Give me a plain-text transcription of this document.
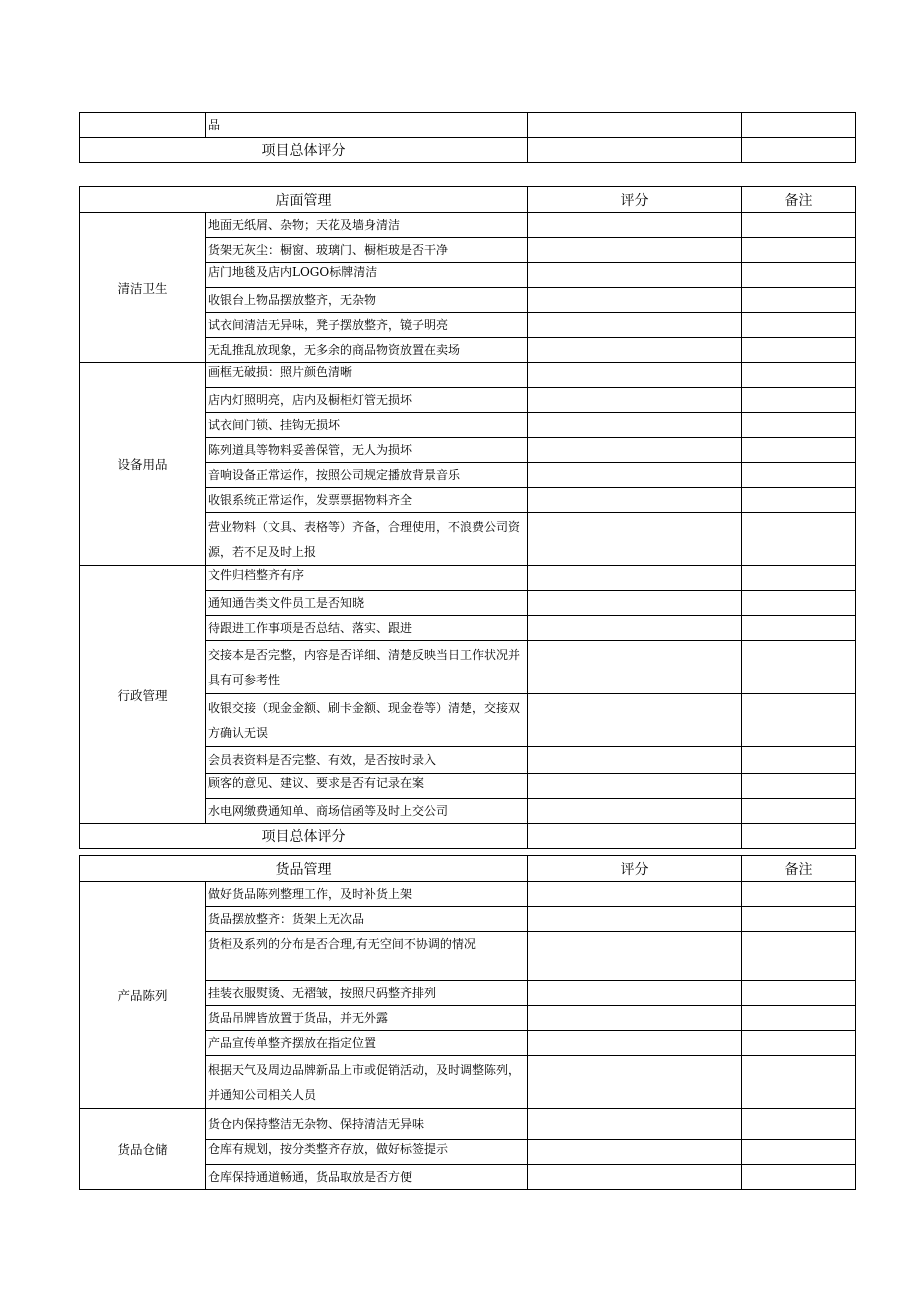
	品		
项目总体评分			
店面管理		评分	备注
清洁卫生	地面无纸屑、杂物；天花及墙身清洁		
	货架无灰尘：橱窗、玻璃门、橱柜玻是否干净		
	店门地毯及店内LOGO标牌清洁		
	收银台上物品摆放整齐，无杂物		
	试衣间清洁无异味，凳子摆放整齐，镜子明亮		
	无乱推乱放现象，无多余的商品物资放置在卖场		
设备用品	画框无破损：照片颜色清晰		
	店内灯照明亮，店内及橱柜灯管无损坏		
	试衣间门锁、挂钩无损坏		
	陈列道具等物料妥善保管，无人为损坏		
	音响设备正常运作，按照公司规定播放背景音乐		
	收银系统正常运作，发票票据物料齐全		
	营业物料（文具、表格等）齐备，合理使用，不浪费公司资源，若不足及时上报		
行政管理	文件归档整齐有序		
	通知通告类文件员工是否知晓		
	待跟进工作事项是否总结、落实、跟进		
	交接本是否完整，内容是否详细、清楚反映当日工作状况并具有可参考性		
	收银交接（现金金额、刷卡金额、现金卷等）清楚，交接双方确认无误		
	会员表资料是否完整、有效，是否按时录入		
	顾客的意见、建议、要求是否有记录在案		
	水电网缴费通知单、商场信函等及时上交公司		
项目总体评分			
货品管理		评分	备注
产品陈列	做好货品陈列整理工作，及时补货上架		
	货品摆放整齐：货架上无次品		
	货柜及系列的分布是否合理,有无空间不协调的情况		
	挂装衣服熨烫、无褶皱，按照尺码整齐排列		
	货品吊牌皆放置于货品，并无外露		
	产品宣传单整齐摆放在指定位置		
	根据天气及周边品牌新品上市或促销活动，及时调整陈列，并通知公司相关人员		
货品仓储	货仓内保持整洁无杂物、保持清洁无异味		
	仓库有规划，按分类整齐存放，做好标签提示		
	仓库保持通道畅通，货品取放是否方便		
